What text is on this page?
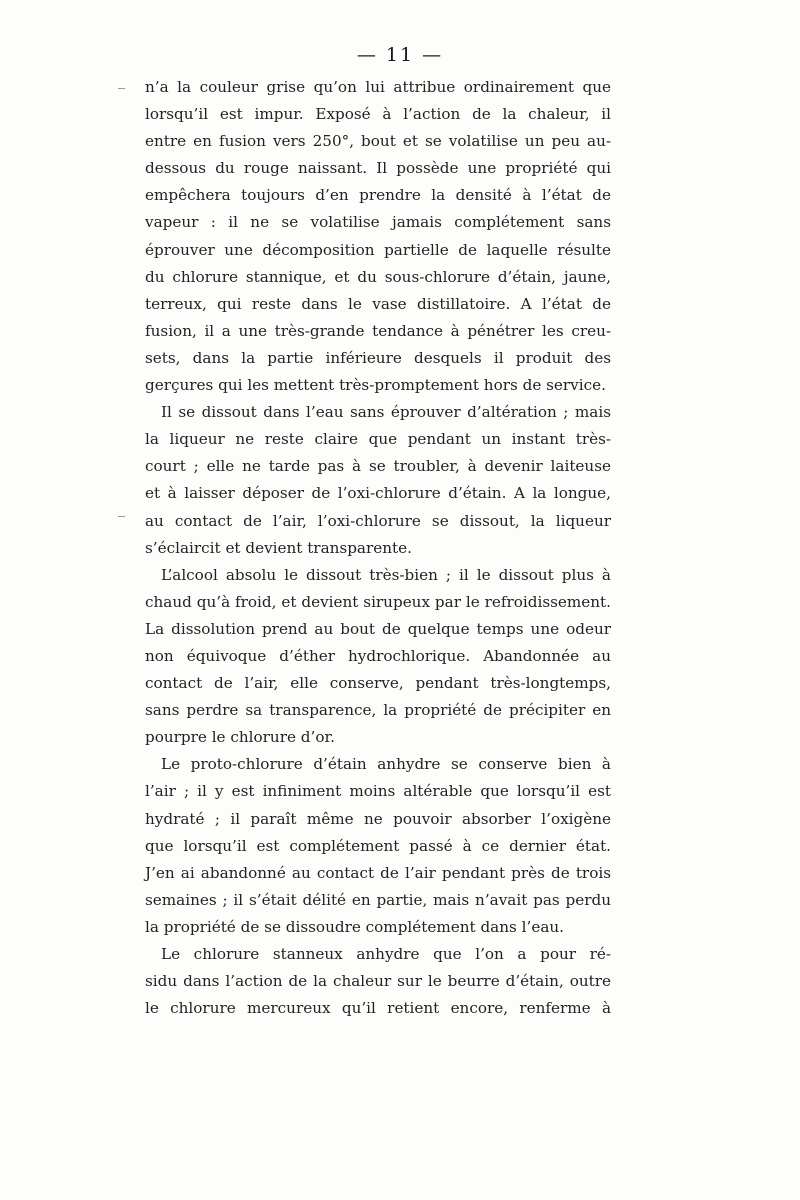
— 11 —
n’a la couleur grise qu’on lui attribue ordinairement que
lorsqu’il est impur. Exposé à l’action de la chaleur, il
entre en fusion vers 250°, bout et se volatilise un peu au-
dessous du rouge naissant. Il possède une propriété qui
empêchera toujours d’en prendre la densité à l’état de
vapeur : il ne se volatilise jamais complétement sans
éprouver une décomposition partielle de laquelle résulte
du chlorure stannique, et du sous-chlorure d’étain, jaune,
terreux, qui reste dans le vase distillatoire. A l’état de
fusion, il a une très-grande tendance à pénétrer les creu-
sets, dans la partie inférieure desquels il produit des
gerçures qui les mettent très-promptement hors de service.
Il se dissout dans l’eau sans éprouver d’altération ; mais
la liqueur ne reste claire que pendant un instant très-
court ; elle ne tarde pas à se troubler, à devenir laiteuse
et à laisser déposer de l’oxi-chlorure d’étain. A la longue,
au contact de l’air, l’oxi-chlorure se dissout, la liqueur
s’éclaircit et devient transparente.
L’alcool absolu le dissout très-bien ; il le dissout plus à
chaud qu’à froid, et devient sirupeux par le refroidissement.
La dissolution prend au bout de quelque temps une odeur
non équivoque d’éther hydrochlorique. Abandonnée au
contact de l’air, elle conserve, pendant très-longtemps,
sans perdre sa transparence, la propriété de précipiter en
pourpre le chlorure d’or.
Le proto-chlorure d’étain anhydre se conserve bien à
l’air ; il y est infiniment moins altérable que lorsqu’il est
hydraté ; il paraît même ne pouvoir absorber l’oxigène
que lorsqu’il est complétement passé à ce dernier état.
J’en ai abandonné au contact de l’air pendant près de trois
semaines ; il s’était délité en partie, mais n’avait pas perdu
la propriété de se dissoudre complétement dans l’eau.
Le chlorure stanneux anhydre que l’on a pour ré-
sidu dans l’action de la chaleur sur le beurre d’étain, outre
le chlorure mercureux qu’il retient encore, renferme à
